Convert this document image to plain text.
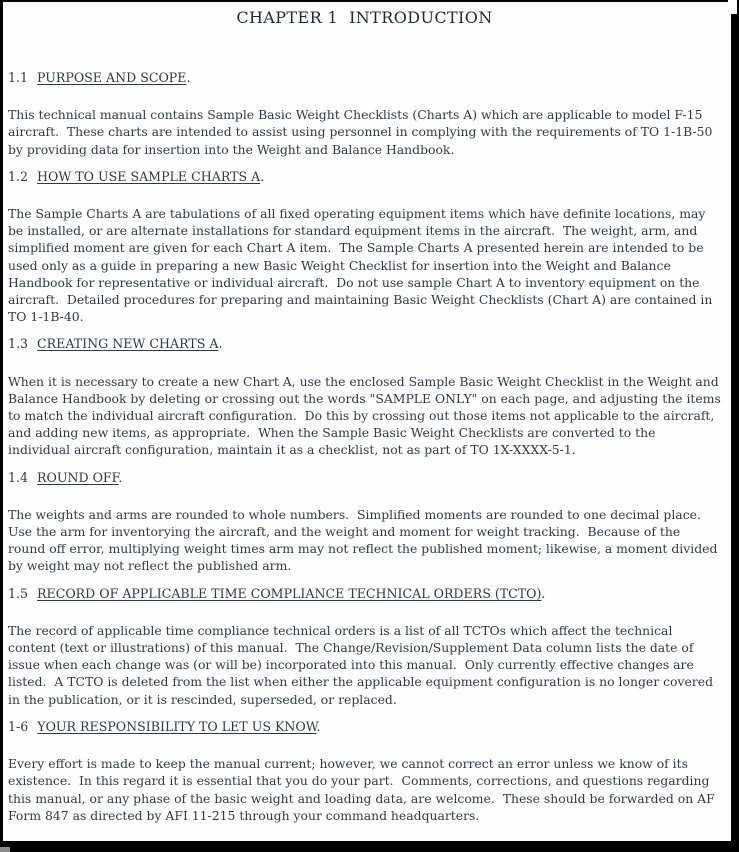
CHAPTER 1  INTRODUCTION
1.1 PURPOSE AND SCOPE.

This technical manual contains Sample Basic Weight Checklists (Charts A) which are applicable to model F-15 aircraft.  These charts are intended to assist using personnel in complying with the requirements of TO 1-1B-50 by providing data for insertion into the Weight and Balance Handbook.

1.2 HOW TO USE SAMPLE CHARTS A.

The Sample Charts A are tabulations of all fixed operating equipment items which have definite locations, may be installed, or are alternate installations for standard equipment items in the aircraft.  The weight, arm, and simplified moment are given for each Chart A item.  The Sample Charts A presented herein are intended to be used only as a guide in preparing a new Basic Weight Checklist for insertion into the Weight and Balance Handbook for representative or individual aircraft.  Do not use sample Chart A to inventory equipment on the aircraft.  Detailed procedures for preparing and maintaining Basic Weight Checklists (Chart A) are contained in TO 1-1B-40.

1.3 CREATING NEW CHARTS A.

When it is necessary to create a new Chart A, use the enclosed Sample Basic Weight Checklist in the Weight and Balance Handbook by deleting or crossing out the words "SAMPLE ONLY" on each page, and adjusting the items to match the individual aircraft configuration.  Do this by crossing out those items not applicable to the aircraft, and adding new items, as appropriate.  When the Sample Basic Weight Checklists are converted to the individual aircraft configuration, maintain it as a checklist, not as part of TO 1X-XXXX-5-1.

1.4 ROUND OFF.

The weights and arms are rounded to whole numbers.  Simplified moments are rounded to one decimal place.  Use the arm for inventorying the aircraft, and the weight and moment for weight tracking.  Because of the round off error, multiplying weight times arm may not reflect the published moment; likewise, a moment divided by weight may not reflect the published arm.

1.5 RECORD OF APPLICABLE TIME COMPLIANCE TECHNICAL ORDERS (TCTO).

The record of applicable time compliance technical orders is a list of all TCTOs which affect the technical content (text or illustrations) of this manual.  The Change/Revision/Supplement Data column lists the date of issue when each change was (or will be) incorporated into this manual.  Only currently effective changes are listed.  A TCTO is deleted from the list when either the applicable equipment configuration is no longer covered in the publication, or it is rescinded, superseded, or replaced.

1-6 YOUR RESPONSIBILITY TO LET US KNOW.

Every effort is made to keep the manual current; however, we cannot correct an error unless we know of its existence.  In this regard it is essential that you do your part.  Comments, corrections, and questions regarding this manual, or any phase of the basic weight and loading data, are welcome.  These should be forwarded on AF Form 847 as directed by AFI 11-215 through your command headquarters.
